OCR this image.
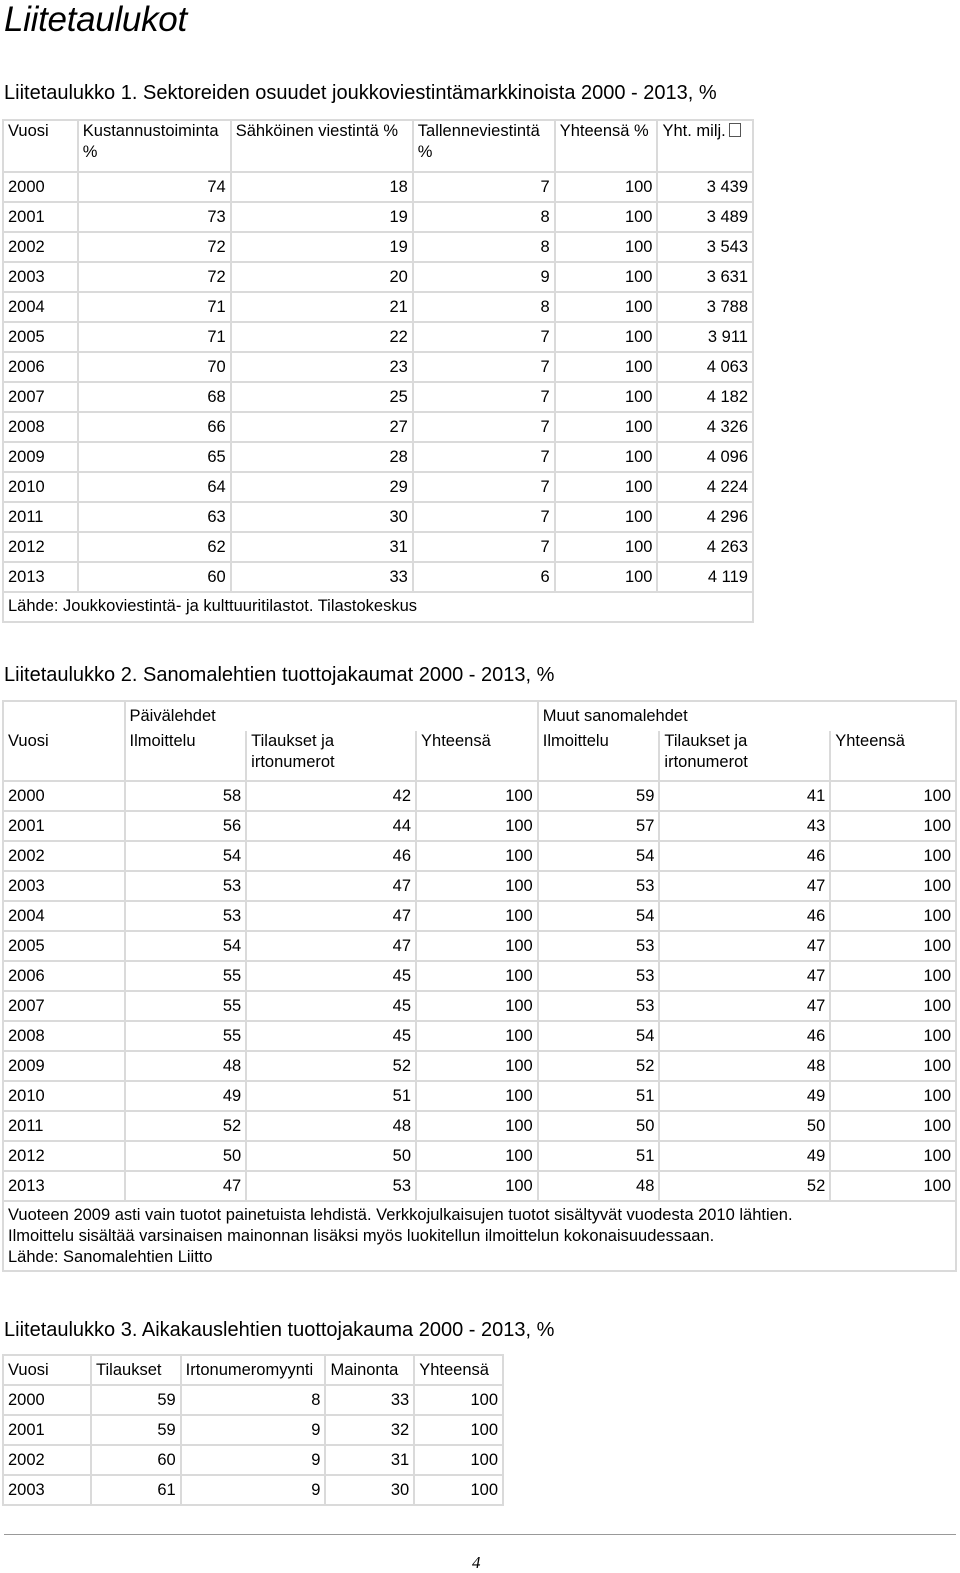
Liitetaulukot
Liitetaulukko 1. Sektoreiden osuudet joukkoviestintämarkkinoista 2000 - 2013, %
Vuosi	Kustannustoiminta %	Sähköinen viestintä %	Tallenneviestintä %	Yhteensä %	Yht. milj.
2000	74	18	7	100	3 439
2001	73	19	8	100	3 489
2002	72	19	8	100	3 543
2003	72	20	9	100	3 631
2004	71	21	8	100	3 788
2005	71	22	7	100	3 911
2006	70	23	7	100	4 063
2007	68	25	7	100	4 182
2008	66	27	7	100	4 326
2009	65	28	7	100	4 096
2010	64	29	7	100	4 224
2011	63	30	7	100	4 296
2012	62	31	7	100	4 263
2013	60	33	6	100	4 119
Lähde: Joukkoviestintä- ja kulttuuritilastot. Tilastokeskus					
Liitetaulukko 2. Sanomalehtien tuottojakaumat 2000 - 2013, %
	Päivälehdet			Muut sanomalehdet		
Vuosi	Ilmoittelu	Tilaukset ja irtonumerot	Yhteensä	Ilmoittelu	Tilaukset ja irtonumerot	Yhteensä
2000	58	42	100	59	41	100
2001	56	44	100	57	43	100
2002	54	46	100	54	46	100
2003	53	47	100	53	47	100
2004	53	47	100	54	46	100
2005	54	47	100	53	47	100
2006	55	45	100	53	47	100
2007	55	45	100	53	47	100
2008	55	45	100	54	46	100
2009	48	52	100	52	48	100
2010	49	51	100	51	49	100
2011	52	48	100	50	50	100
2012	50	50	100	51	49	100
2013	47	53	100	48	52	100

Vuoteen 2009 asti vain tuotot painetuista lehdistä. Verkkojulkaisujen tuotot sisältyvät vuodesta 2010 lähtien.
Ilmoittelu sisältää varsinaisen mainonnan lisäksi myös luokitellun ilmoittelun kokonaisuudessaan.
Lähde: Sanomalehtien Liitto						
Liitetaulukko 3. Aikakauslehtien tuottojakauma 2000 - 2013, %
Vuosi	Tilaukset	Irtonumeromyynti	Mainonta	Yhteensä
2000	59	8	33	100
2001	59	9	32	100
2002	60	9	31	100
2003	61	9	30	100
4
